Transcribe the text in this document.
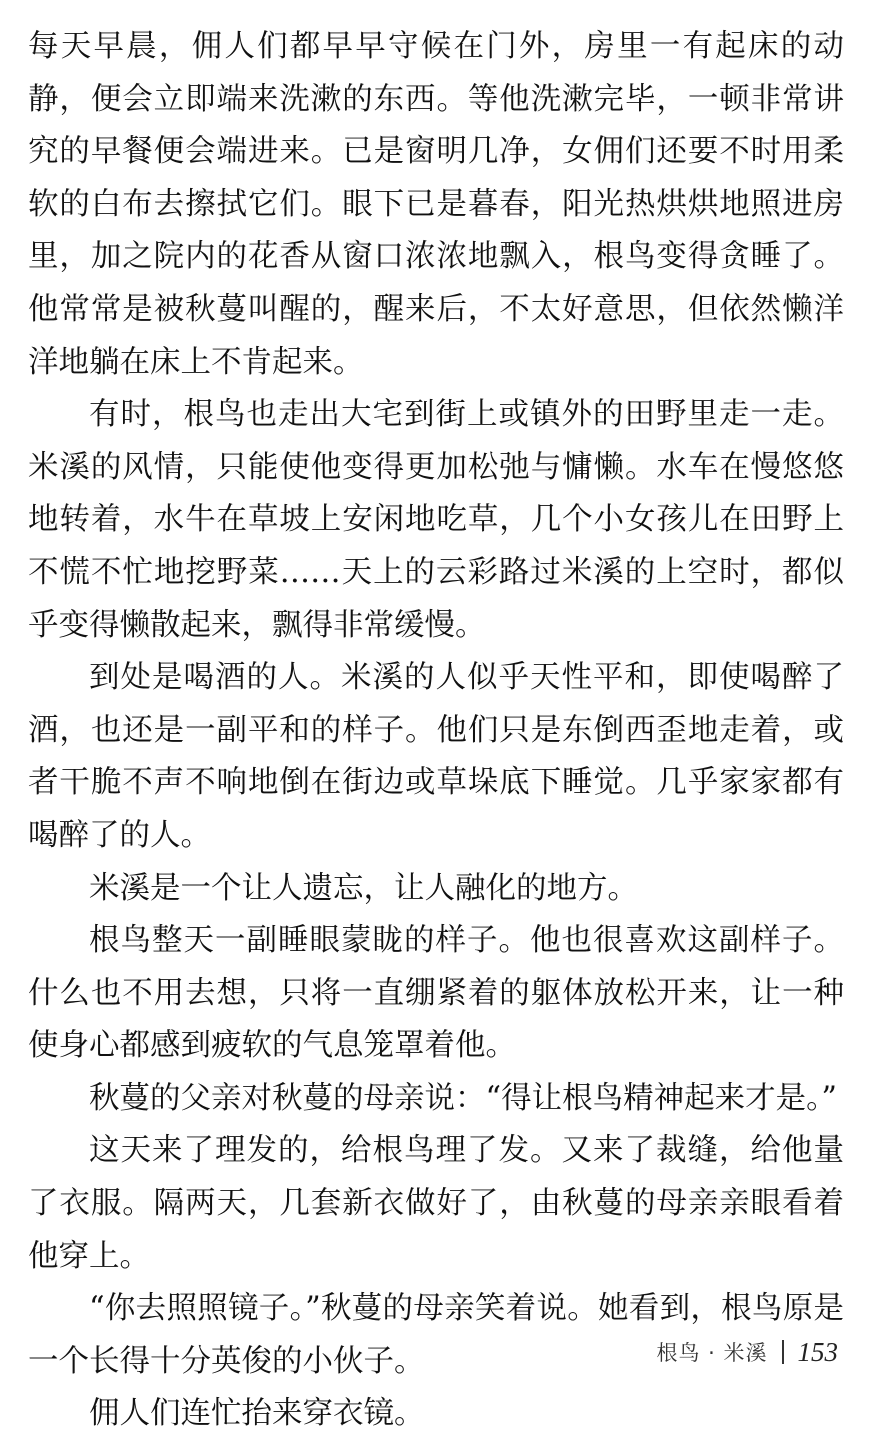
每天早晨，佣人们都早早守候在门外，房里一有起床的动静，便会立即端来洗漱的东西。等他洗漱完毕，一顿非常讲究的早餐便会端进来。已是窗明几净，女佣们还要不时用柔软的白布去擦拭它们。眼下已是暮春，阳光热烘烘地照进房里，加之院内的花香从窗口浓浓地飘入，根鸟变得贪睡了。他常常是被秋蔓叫醒的，醒来后，不太好意思，但依然懒洋洋地躺在床上不肯起来。

有时，根鸟也走出大宅到街上或镇外的田野里走一走。米溪的风情，只能使他变得更加松弛与慵懒。水车在慢悠悠地转着，水牛在草坡上安闲地吃草，几个小女孩儿在田野上不慌不忙地挖野菜……天上的云彩路过米溪的上空时，都似乎变得懒散起来，飘得非常缓慢。

到处是喝酒的人。米溪的人似乎天性平和，即使喝醉了酒，也还是一副平和的样子。他们只是东倒西歪地走着，或者干脆不声不响地倒在街边或草垛底下睡觉。几乎家家都有喝醉了的人。

米溪是一个让人遗忘，让人融化的地方。

根鸟整天一副睡眼蒙眬的样子。他也很喜欢这副样子。什么也不用去想，只将一直绷紧着的躯体放松开来，让一种使身心都感到疲软的气息笼罩着他。

秋蔓的父亲对秋蔓的母亲说：“得让根鸟精神起来才是。”

这天来了理发的，给根鸟理了发。又来了裁缝，给他量了衣服。隔两天，几套新衣做好了，由秋蔓的母亲亲眼看着他穿上。

“你去照照镜子。”秋蔓的母亲笑着说。她看到，根鸟原是一个长得十分英俊的小伙子。

佣人们连忙抬来穿衣镜。

根鸟 · 米溪 153
